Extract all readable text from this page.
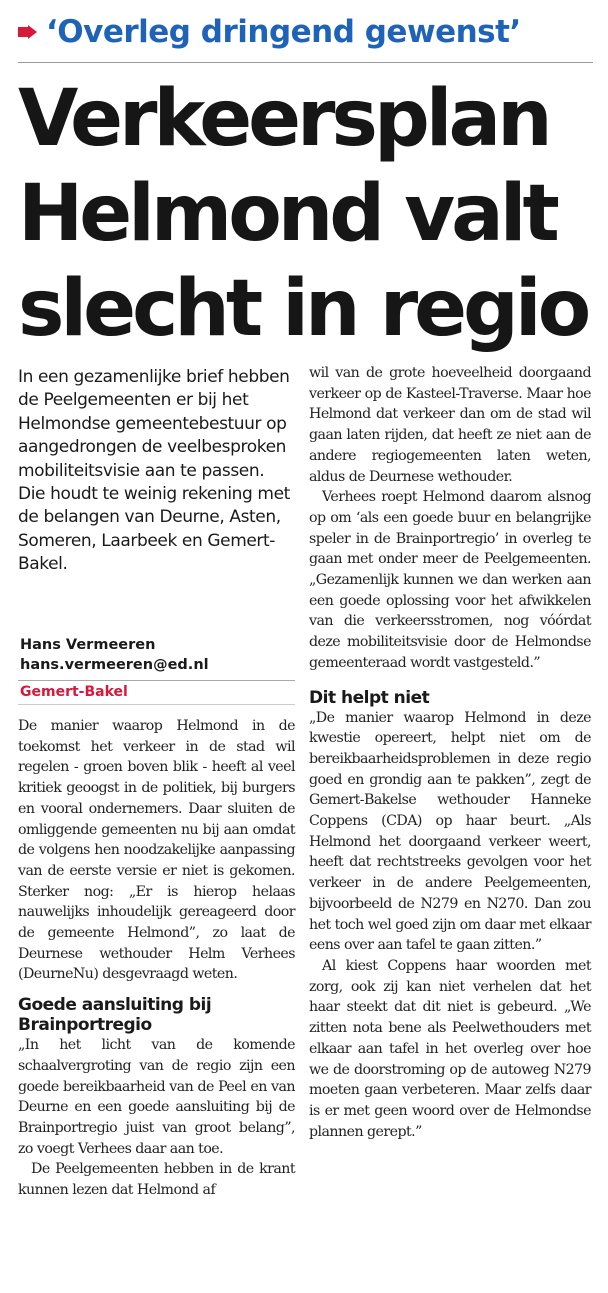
‘Overleg dringend gewenst’
Verkeersplan
Helmond valt
slecht in regio

In een gezamenlijke brief hebben de Peelgemeenten er bij het Helmondse gemeentebestuur op aangedrongen de veelbesproken mobiliteitsvisie aan te passen. Die houdt te weinig rekening met de belangen van Deurne, Asten, Someren, Laarbeek en Gemert-Bakel.

Hans Vermeeren
hans.vermeeren@ed.nl
Gemert-Bakel

De manier waarop Helmond in de toekomst het verkeer in de stad wil regelen - groen boven blik - heeft al veel kritiek geoogst in de politiek, bij burgers en vooral ondernemers. Daar sluiten de omliggende gemeenten nu bij aan omdat de volgens hen noodzakelijke aanpassing van de eerste versie er niet is gekomen. Sterker nog: „Er is hierop helaas nauwelijks inhoudelijk gereageerd door de gemeente Helmond”, zo laat de Deurnese wethouder Helm Verhees (DeurneNu) desgevraagd weten.

Goede aansluiting bij Brainportregio

„In het licht van de komende schaalvergroting van de regio zijn een goede bereikbaarheid van de Peel en van Deurne en een goede aansluiting bij de Brainportregio juist van groot belang”, zo voegt Verhees daar aan toe.

De Peelgemeenten hebben in de krant kunnen lezen dat Helmond af

wil van de grote hoeveelheid doorgaand verkeer op de Kasteel-Traverse. Maar hoe Helmond dat verkeer dan om de stad wil gaan laten rijden, dat heeft ze niet aan de andere regiogemeenten laten weten, aldus de Deurnese wethouder.

Verhees roept Helmond daarom alsnog op om ‘als een goede buur en belangrijke speler in de Brainportregio’ in overleg te gaan met onder meer de Peelgemeenten. „Gezamenlijk kunnen we dan werken aan een goede oplossing voor het afwikkelen van die verkeersstromen, nog vóórdat deze mobiliteitsvisie door de Helmondse gemeenteraad wordt vastgesteld.”

Dit helpt niet

„De manier waarop Helmond in deze kwestie opereert, helpt niet om de bereikbaarheidsproblemen in deze regio goed en grondig aan te pakken”, zegt de Gemert-Bakelse wethouder Hanneke Coppens (CDA) op haar beurt. „Als Helmond het doorgaand verkeer weert, heeft dat rechtstreeks gevolgen voor het verkeer in de andere Peelgemeenten, bijvoorbeeld de N279 en N270. Dan zou het toch wel goed zijn om daar met elkaar eens over aan tafel te gaan zitten.”

Al kiest Coppens haar woorden met zorg, ook zij kan niet verhelen dat het haar steekt dat dit niet is gebeurd. „We zitten nota bene als Peelwethouders met elkaar aan tafel in het overleg over hoe we de doorstroming op de autoweg N279 moeten gaan verbeteren. Maar zelfs daar is er met geen woord over de Helmondse plannen gerept.”
